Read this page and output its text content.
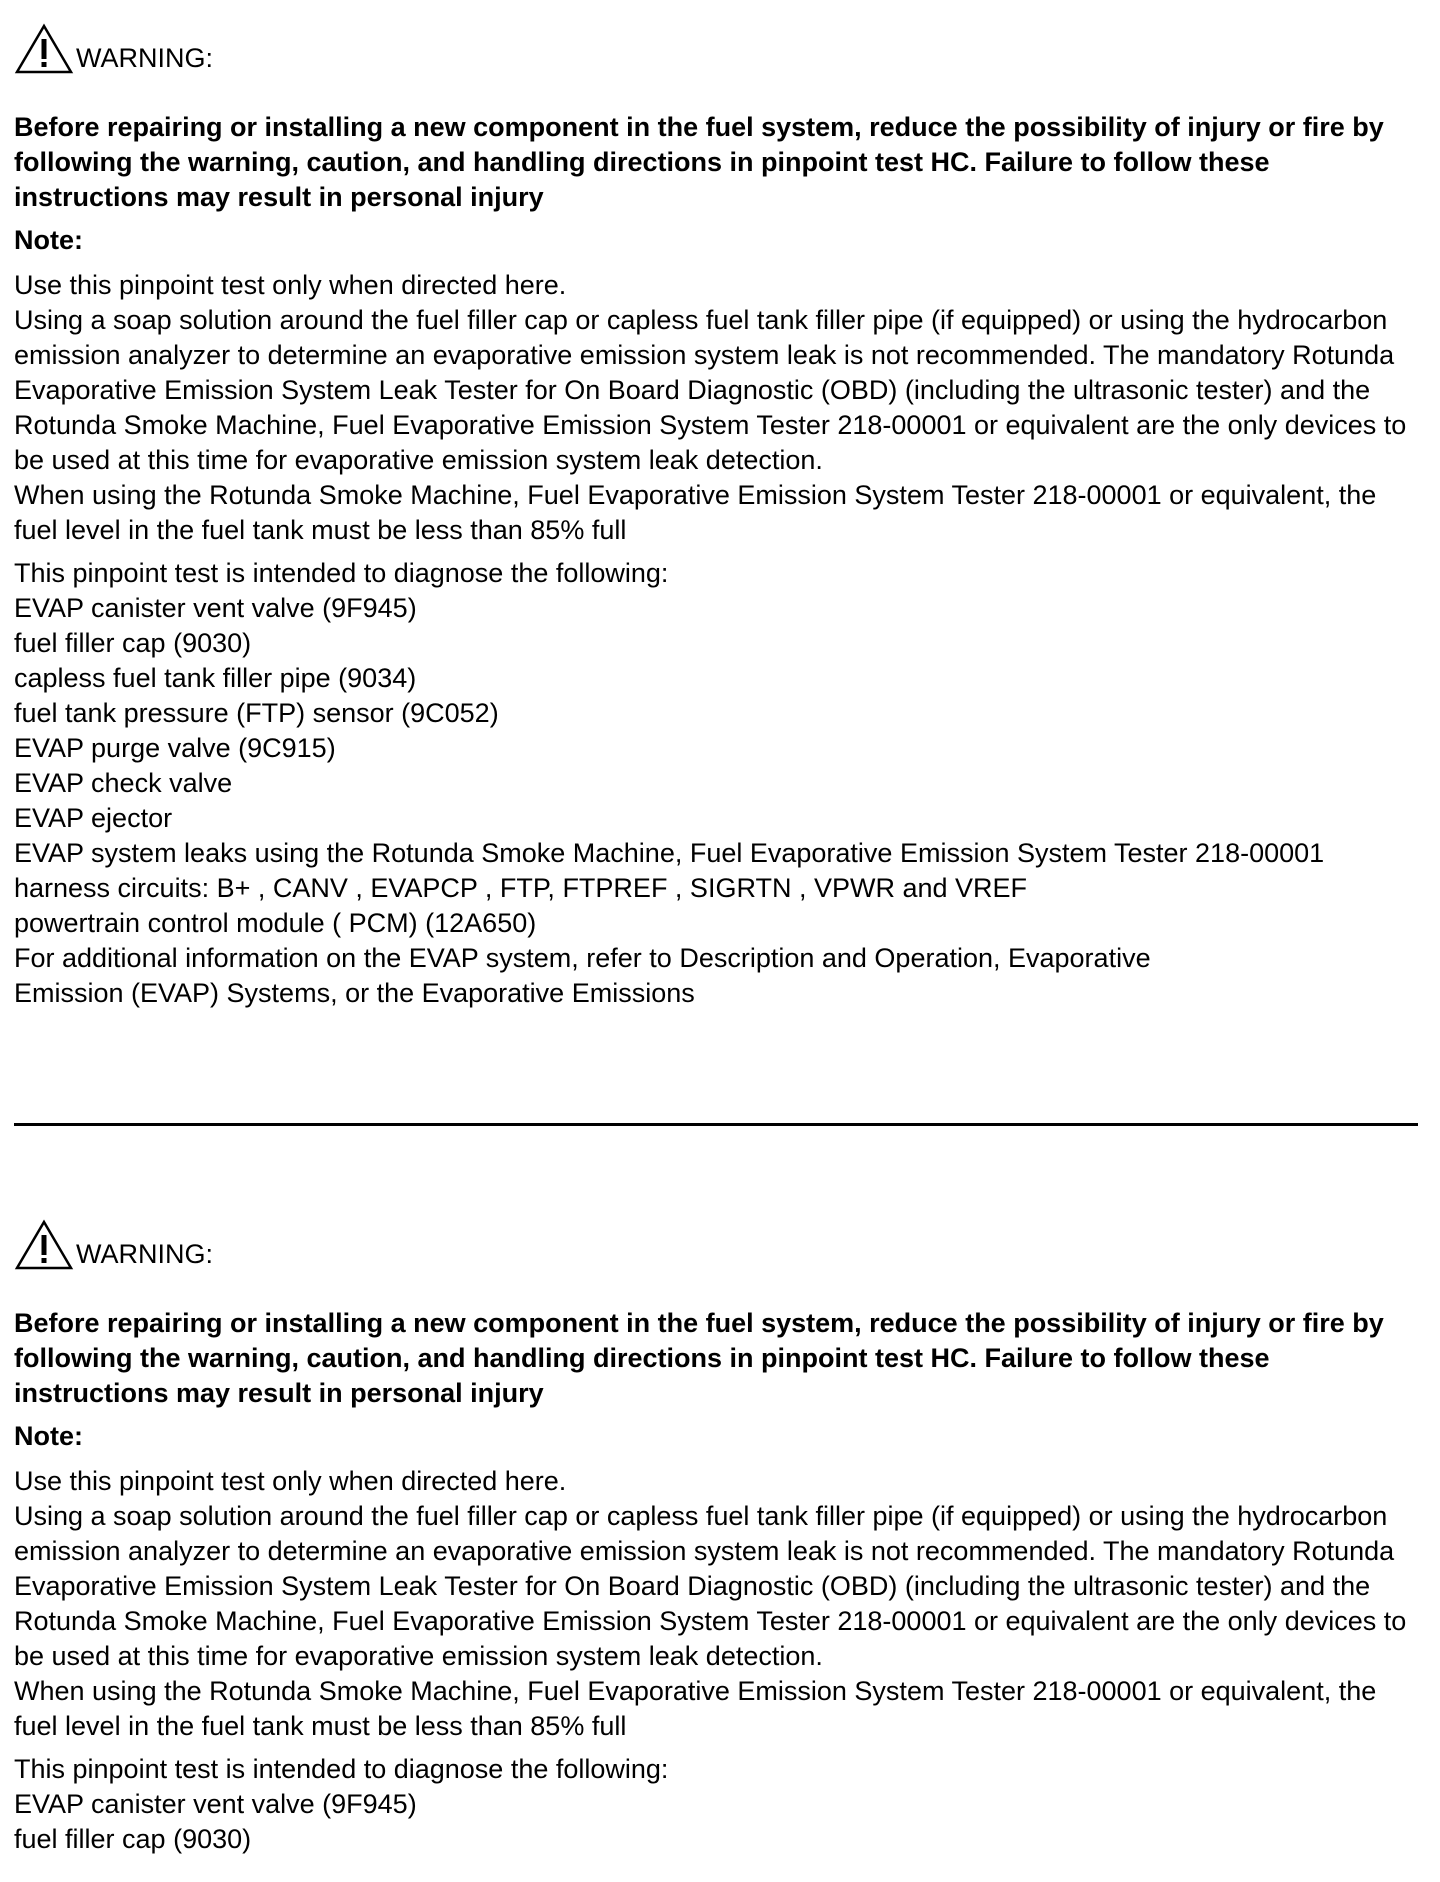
WARNING:
Before repairing or installing a new component in the fuel system, reduce the possibility of injury or fire by following the warning, caution, and handling directions in pinpoint test HC. Failure to follow these instructions may result in personal injury
Note:

Use this pinpoint test only when directed here.

Using a soap solution around the fuel filler cap or capless fuel tank filler pipe (if equipped) or using the hydrocarbon emission analyzer to determine an evaporative emission system leak is not recommended. The mandatory Rotunda Evaporative Emission System Leak Tester for On Board Diagnostic (OBD) (including the ultrasonic tester) and the Rotunda Smoke Machine, Fuel Evaporative Emission System Tester 218-00001 or equivalent are the only devices to be used at this time for evaporative emission system leak detection.

When using the Rotunda Smoke Machine, Fuel Evaporative Emission System Tester 218-00001 or equivalent, the fuel level in the fuel tank must be less than 85% full

This pinpoint test is intended to diagnose the following:

EVAP canister vent valve (9F945)

fuel filler cap (9030)

capless fuel tank filler pipe (9034)

fuel tank pressure (FTP) sensor (9C052)

EVAP purge valve (9C915)

EVAP check valve

EVAP ejector

EVAP system leaks using the Rotunda Smoke Machine, Fuel Evaporative Emission System Tester 218-00001

harness circuits: B+ , CANV , EVAPCP , FTP, FTPREF , SIGRTN , VPWR and VREF

powertrain control module ( PCM) (12A650)

For additional information on the EVAP system, refer to Description and Operation, Evaporative

Emission (EVAP) Systems, or the Evaporative Emissions

WARNING:
Before repairing or installing a new component in the fuel system, reduce the possibility of injury or fire by following the warning, caution, and handling directions in pinpoint test HC. Failure to follow these instructions may result in personal injury
Note:

Use this pinpoint test only when directed here.

Using a soap solution around the fuel filler cap or capless fuel tank filler pipe (if equipped) or using the hydrocarbon emission analyzer to determine an evaporative emission system leak is not recommended. The mandatory Rotunda Evaporative Emission System Leak Tester for On Board Diagnostic (OBD) (including the ultrasonic tester) and the Rotunda Smoke Machine, Fuel Evaporative Emission System Tester 218-00001 or equivalent are the only devices to be used at this time for evaporative emission system leak detection.

When using the Rotunda Smoke Machine, Fuel Evaporative Emission System Tester 218-00001 or equivalent, the fuel level in the fuel tank must be less than 85% full

This pinpoint test is intended to diagnose the following:

EVAP canister vent valve (9F945)

fuel filler cap (9030)
